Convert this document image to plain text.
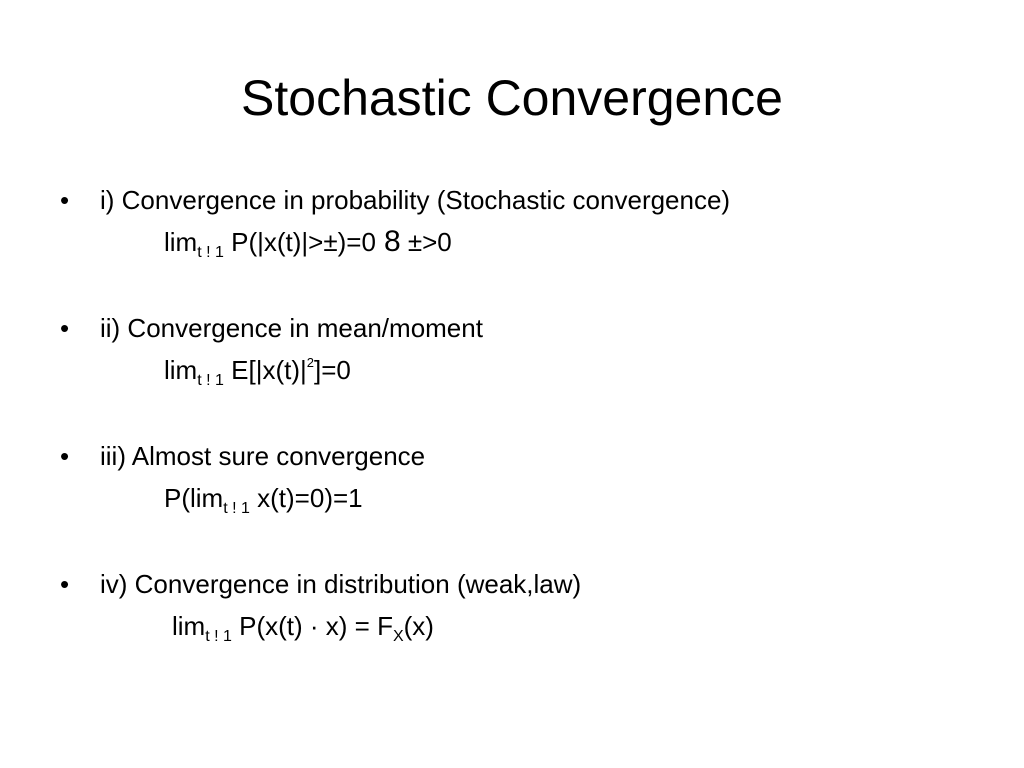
Stochastic Convergence
• i) Convergence in probability (Stochastic convergence)
$\lim_{t ! 1} P(|x(t)|>\pm)=0$ 8 ±>0
• ii) Convergence in mean/moment
$\lim_{t ! 1} E[|x(t)|^2]=0$
• iii) Almost sure convergence
$P(\lim_{t ! 1}$ x(t)=0)=1
• iv) Convergence in distribution (weak,law)
$\lim_{t ! 1} P(x(t) \cdot x) = F_X(x)$
